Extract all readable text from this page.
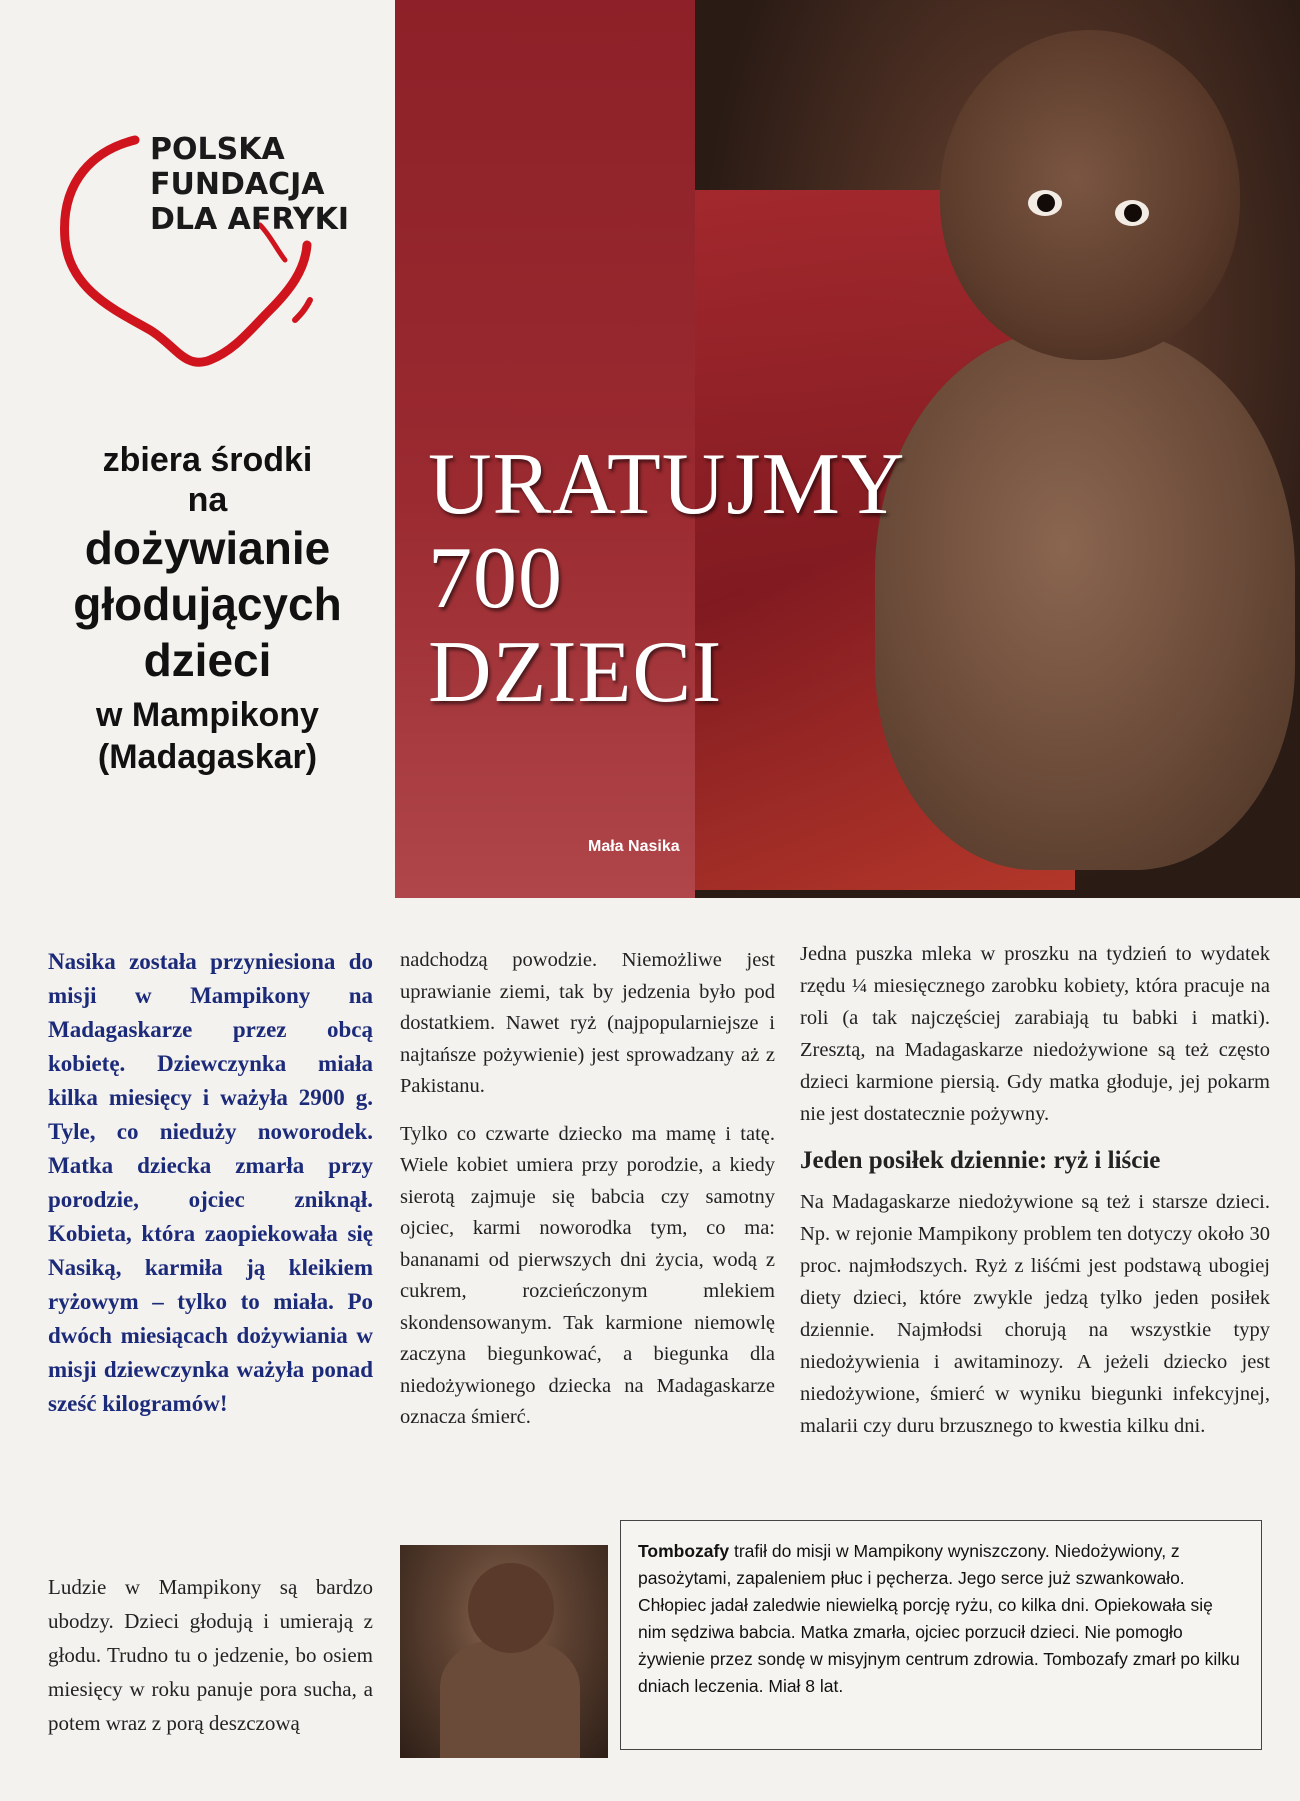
POLSKA
FUNDACJA
DLA AFRYKI
zbiera środki
na
dożywianie
głodujących
dzieci
w Mampikony
(Madagaskar)
URATUJMY
700
DZIECI
Mała Nasika

Nasika została przyniesiona do misji w Mampikony na Madagaskarze przez obcą kobietę. Dziewczynka miała kilka miesięcy i ważyła 2900 g. Tyle, co nieduży noworodek. Matka dziecka zmarła przy porodzie, ojciec zniknął. Kobieta, która zaopiekowała się Nasiką, karmiła ją kleikiem ryżowym – tylko to miała. Po dwóch miesiącach dożywiania w misji dziewczynka ważyła ponad sześć kilogramów!

Ludzie w Mampikony są bardzo ubodzy. Dzieci głodują i umierają z głodu. Trudno tu o jedzenie, bo osiem miesięcy w roku panuje pora sucha, a potem wraz z porą deszczową

nadchodzą powodzie. Niemożliwe jest uprawianie ziemi, tak by jedzenia było pod dostatkiem. Nawet ryż (najpopularniejsze i najtańsze pożywienie) jest sprowadzany aż z Pakistanu.

Tylko co czwarte dziecko ma mamę i tatę. Wiele kobiet umiera przy porodzie, a kiedy sierotą zajmuje się babcia czy samotny ojciec, karmi noworodka tym, co ma: bananami od pierwszych dni życia, wodą z cukrem, rozcieńczonym mlekiem skondensowanym. Tak karmione niemowlę zaczyna biegunkować, a biegunka dla niedożywionego dziecka na Madagaskarze oznacza śmierć.

Jedna puszka mleka w proszku na tydzień to wydatek rzędu ¼ miesięcznego zarobku kobiety, która pracuje na roli (a tak najczęściej zarabiają tu babki i matki). Zresztą, na Madagaskarze niedożywione są też często dzieci karmione piersią. Gdy matka głoduje, jej pokarm nie jest dostatecznie pożywny.

Jeden posiłek dziennie: ryż i liście

Na Madagaskarze niedożywione są też i starsze dzieci. Np. w rejonie Mampikony problem ten dotyczy około 30 proc. najmłodszych. Ryż z liśćmi jest podstawą ubogiej diety dzieci, które zwykle jedzą tylko jeden posiłek dziennie. Najmłodsi chorują na wszystkie typy niedożywienia i awitaminozy. A jeżeli dziecko jest niedożywione, śmierć w wyniku biegunki infekcyjnej, malarii czy duru brzusznego to kwestia kilku dni.

Tombozafy trafił do misji w Mampikony wyniszczony. Niedożywiony, z pasożytami, zapaleniem płuc i pęcherza. Jego serce już szwankowało. Chłopiec jadał zaledwie niewielką porcję ryżu, co kilka dni. Opiekowała się nim sędziwa babcia. Matka zmarła, ojciec porzucił dzieci. Nie pomogło żywienie przez sondę w misyjnym centrum zdrowia. Tombozafy zmarł po kilku dniach leczenia. Miał 8 lat.
